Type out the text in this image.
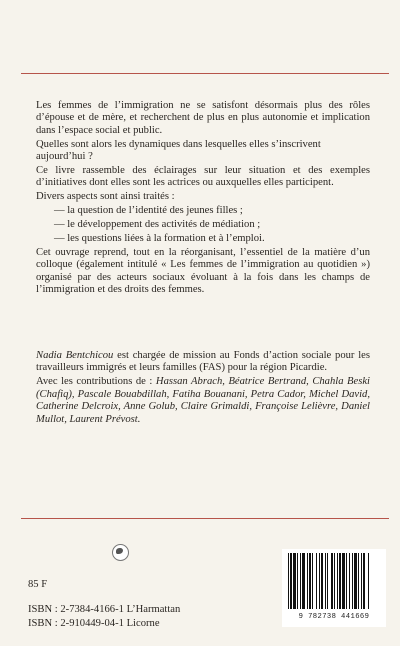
Les femmes de l’immigration ne se satisfont désormais plus des rôles d’épouse et de mère, et recherchent de plus en plus autonomie et implication dans l’espace social et public.

Quelles sont alors les dynamiques dans lesquelles elles s’inscrivent aujourd’hui ?

Ce livre rassemble des éclairages sur leur situation et des exemples d’initiatives dont elles sont les actrices ou auxquelles elles participent.

Divers aspects sont ainsi traités :

— la question de l’identité des jeunes filles ;

— le développement des activités de médiation ;

— les questions liées à la formation et à l’emploi.

Cet ouvrage reprend, tout en la réorganisant, l’essentiel de la matière d’un colloque (également intitulé « Les femmes de l’immigration au quotidien ») organisé par des acteurs sociaux évoluant à la fois dans les champs de l’immigration et des droits des femmes.

Nadia Bentchicou est chargée de mission au Fonds d’action sociale pour les travailleurs immigrés et leurs familles (FAS) pour la région Picardie.

Avec les contributions de : Hassan Abrach, Béatrice Bertrand, Chahla Beski (Chafiq), Pascale Bouabdillah, Fatiha Bouanani, Petra Cador, Michel David, Catherine Delcroix, Anne Golub, Claire Grimaldi, Françoise Lelièvre, Daniel Mullot, Laurent Prévost.

85 F
ISBN : 2-7384-4166-1 L’Harmattan
ISBN : 2-910449-04-1 Licorne
9 782738 441669
